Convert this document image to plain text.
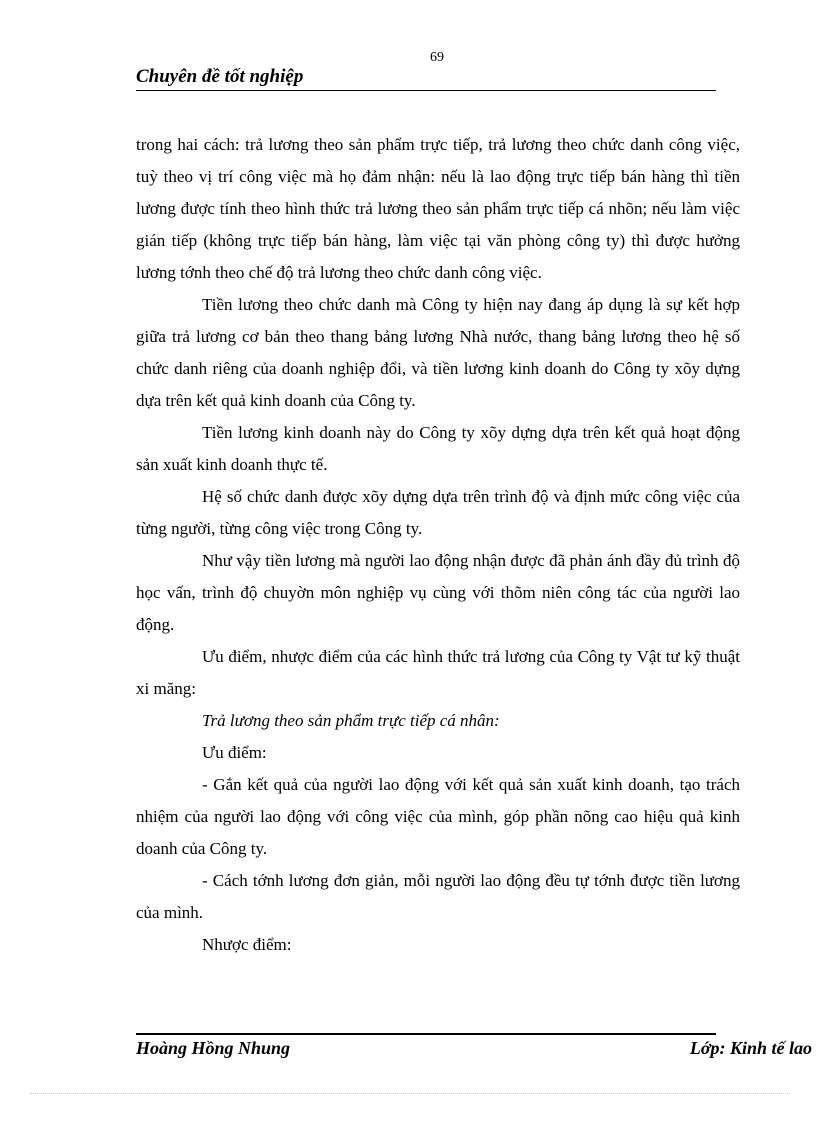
69
Chuyên đề tốt nghiệp

trong hai cách: trả lương theo sản phẩm trực tiếp, trả lương theo chức danh công việc, tuỳ theo vị trí công việc mà họ đảm nhận: nếu là lao động trực tiếp bán hàng thì tiền lương được tính theo hình thức trả lương theo sản phẩm trực tiếp cá nhõn; nếu làm việc gián tiếp (không trực tiếp bán hàng, làm việc tại văn phòng công ty) thì được hưởng lương tớnh theo chế độ trả lương theo chức danh công việc.

Tiền lương theo chức danh mà Công ty hiện nay đang áp dụng là sự kết hợp giữa trả lương cơ bản theo thang bảng lương Nhà nước, thang bảng lương theo hệ số chức danh riêng của doanh nghiệp đổi, và tiền lương kinh doanh do Công ty xõy dựng dựa trên kết quả kinh doanh của Công ty.

Tiền lương kinh doanh này do Công ty xõy dựng dựa trên kết quả hoạt động sản xuất kinh doanh thực tế.

Hệ số chức danh được xõy dựng dựa trên trình độ và định mức công việc của từng người, từng công việc trong Công ty.

Như vậy tiền lương mà người lao động nhận được đã phản ánh đầy đủ trình độ học vấn, trình độ chuyờn môn nghiệp vụ cùng với thõm niên công tác của người lao động.

Ưu điểm, nhược điểm của các hình thức trả lương của Công ty Vật tư kỹ thuật xi măng:

Trả lương theo sản phẩm trực tiếp cá nhân:

Ưu điểm:

- Gắn kết quả của người lao động với kết quả sản xuất kinh doanh, tạo trách nhiệm của người lao động với công việc của mình, góp phần nõng cao hiệu quả kinh doanh của Công ty.

- Cách tớnh lương đơn giản, mỗi người lao động đều tự tớnh được tiền lương của mình.

Nhược điểm:

Hoàng Hồng Nhung	Lớp: Kinh tế lao
